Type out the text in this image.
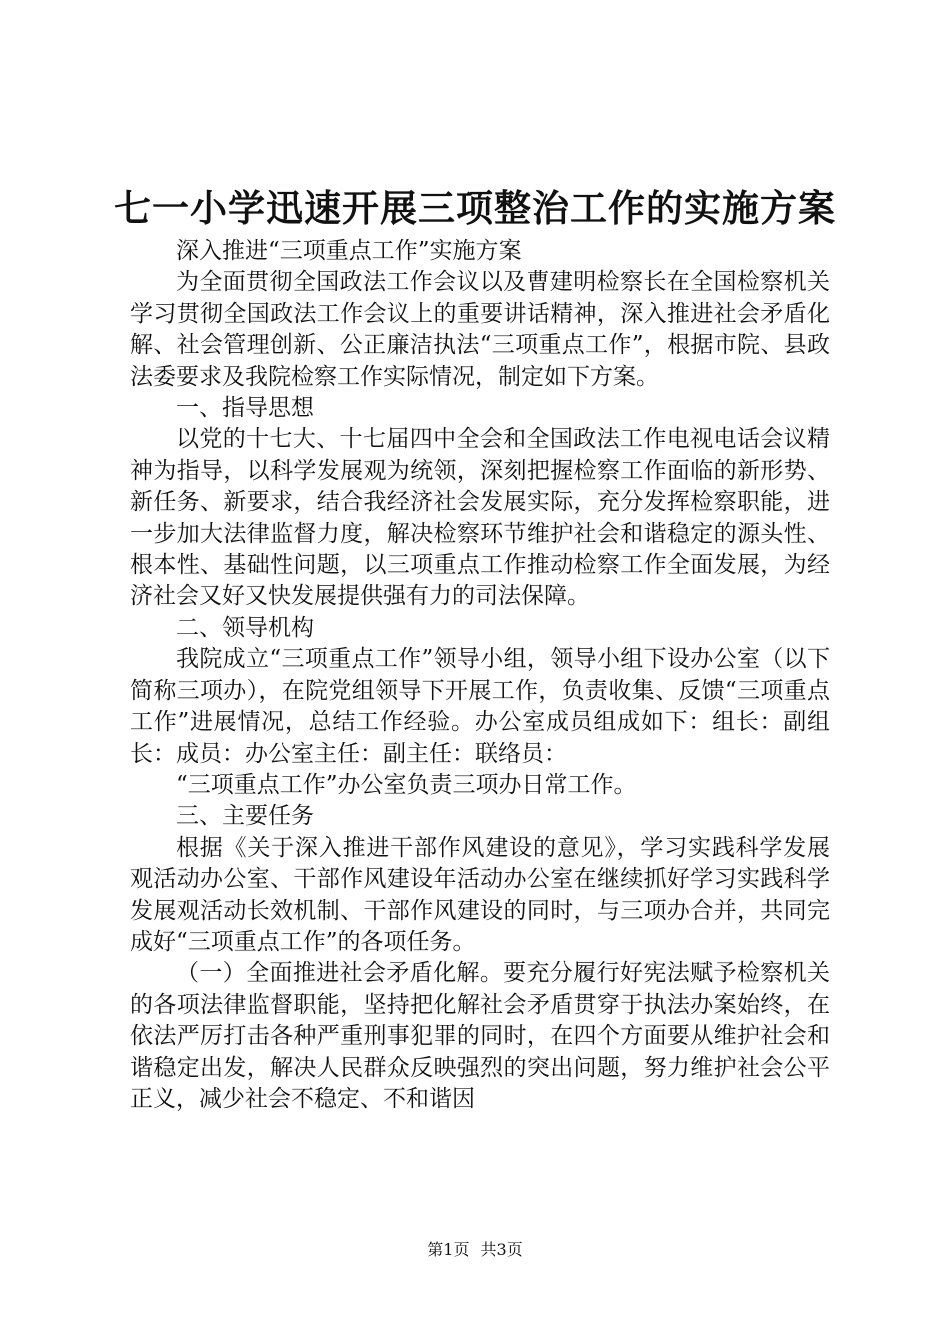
七一小学迅速开展三项整治工作的实施方案

深入推进“三项重点工作”实施方案

为全面贯彻全国政法工作会议以及曹建明检察长在全国检察机关学习贯彻全国政法工作会议上的重要讲话精神，深入推进社会矛盾化解、社会管理创新、公正廉洁执法“三项重点工作”，根据市院、县政法委要求及我院检察工作实际情况，制定如下方案。

一、指导思想

以党的十七大、十七届四中全会和全国政法工作电视电话会议精神为指导，以科学发展观为统领，深刻把握检察工作面临的新形势、新任务、新要求，结合我经济社会发展实际，充分发挥检察职能，进一步加大法律监督力度，解决检察环节维护社会和谐稳定的源头性、根本性、基础性问题，以三项重点工作推动检察工作全面发展，为经济社会又好又快发展提供强有力的司法保障。

二、领导机构

我院成立“三项重点工作”领导小组，领导小组下设办公室（以下简称三项办），在院党组领导下开展工作，负责收集、反馈“三项重点工作”进展情况，总结工作经验。办公室成员组成如下：组长：副组长：成员：办公室主任：副主任：联络员：

“三项重点工作”办公室负责三项办日常工作。

三、主要任务

根据《关于深入推进干部作风建设的意见》，学习实践科学发展观活动办公室、干部作风建设年活动办公室在继续抓好学习实践科学发展观活动长效机制、干部作风建设的同时，与三项办合并，共同完成好“三项重点工作”的各项任务。

（一）全面推进社会矛盾化解。要充分履行好宪法赋予检察机关的各项法律监督职能，坚持把化解社会矛盾贯穿于执法办案始终，在依法严厉打击各种严重刑事犯罪的同时，在四个方面要从维护社会和谐稳定出发，解决人民群众反映强烈的突出问题，努力维护社会公平正义，减少社会不稳定、不和谐因

第1页 共3页
